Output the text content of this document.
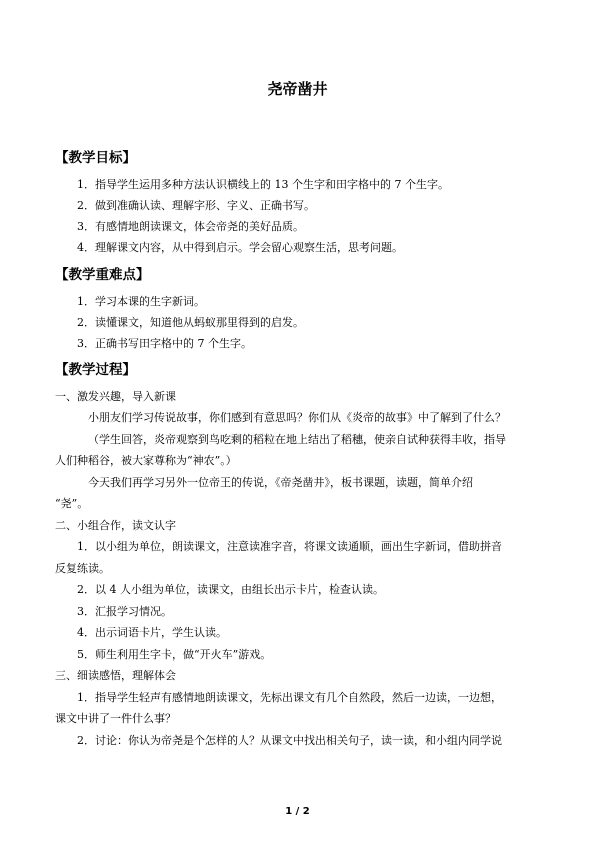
尧帝凿井
【教学目标】
1．指导学生运用多种方法认识横线上的 13 个生字和田字格中的 7 个生字。
2．做到准确认读、理解字形、字义、正确书写。
3．有感情地朗读课文，体会帝尧的美好品质。
4．理解课文内容，从中得到启示。学会留心观察生活，思考问题。
【教学重难点】
1．学习本课的生字新词。
2．读懂课文，知道他从蚂蚁那里得到的启发。
3．正确书写田字格中的 7 个生字。
【教学过程】
一、激发兴趣，导入新课
小朋友们学习传说故事，你们感到有意思吗？你们从《炎帝的故事》中了解到了什么？
（学生回答，炎帝观察到鸟吃剩的稻粒在地上结出了稻穗，使亲自试种获得丰收，指导
人们种稻谷，被大家尊称为“神农”。）
今天我们再学习另外一位帝王的传说，《帝尧凿井》，板书课题，读题，简单介绍
“尧”。
二、小组合作，读文认字
1．以小组为单位，朗读课文，注意读准字音，将课文读通顺，画出生字新词，借助拼音
反复练读。
2．以 4 人小组为单位，读课文，由组长出示卡片，检查认读。
3．汇报学习情况。
4．出示词语卡片，学生认读。
5．师生利用生字卡，做“开火车”游戏。
三、细读感悟，理解体会
1．指导学生轻声有感情地朗读课文，先标出课文有几个自然段，然后一边读，一边想，
课文中讲了一件什么事？
2．讨论：你认为帝尧是个怎样的人？从课文中找出相关句子，读一读，和小组内同学说
1 / 2
